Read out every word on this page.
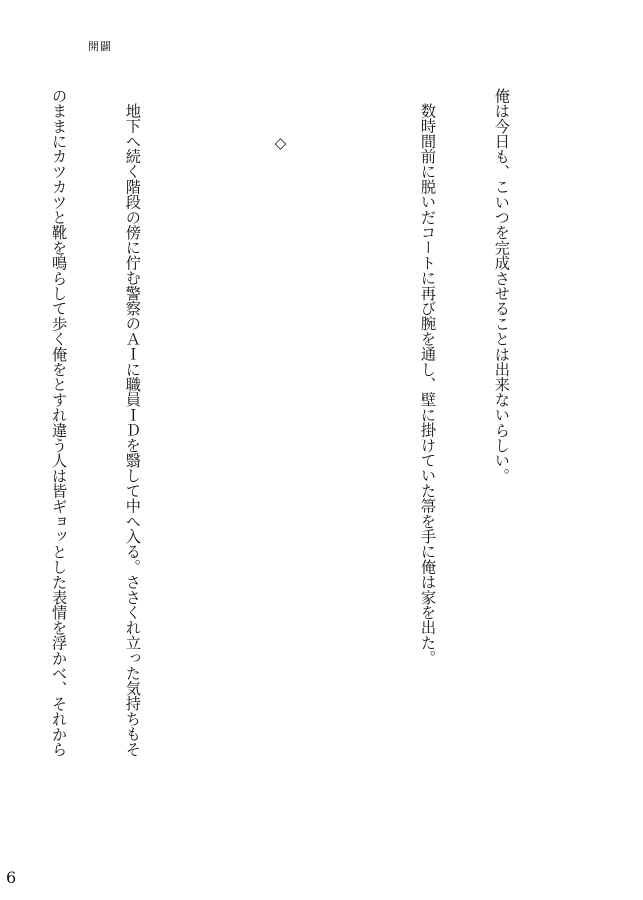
開闢

俺は今日も、こいつを完成させることは出来ないらしい。

数時間前に脱いだコートに再び腕を通し、壁に掛けていた箒を手に俺は家を出た。

◇

地下へ続く階段の傍に佇む警察のＡＩに職員ＩＤを翳して中へ入る。ささくれ立った気持ちもそ

のままにカツカツと靴を鳴らして歩く俺をとすれ違う人は皆ギョッとした表情を浮かべ、それから

6
